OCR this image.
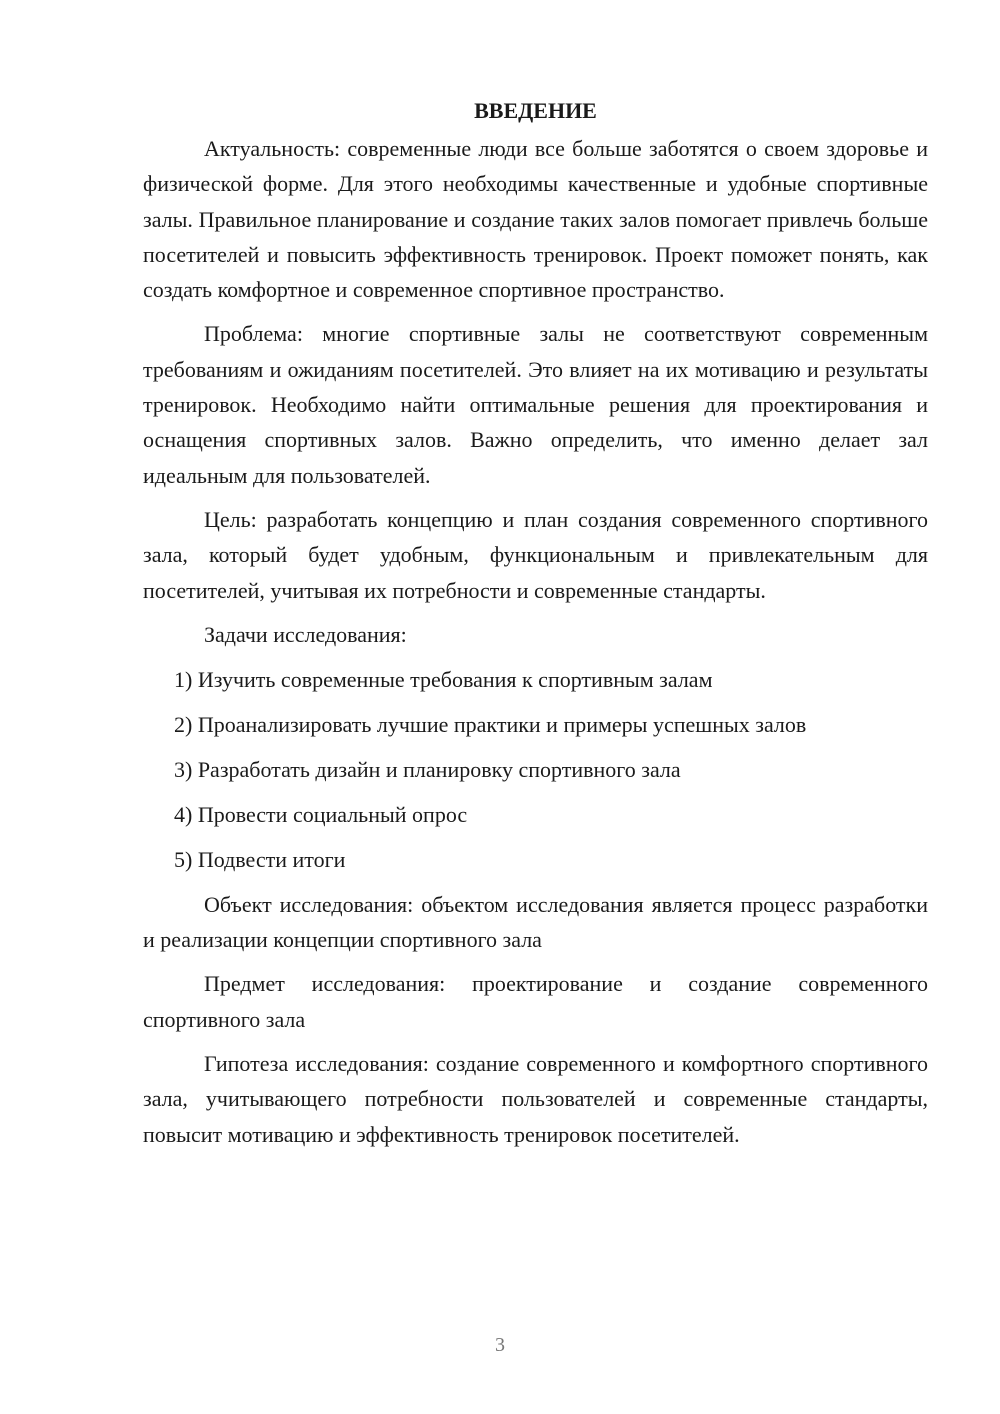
ВВЕДЕНИЕ

Актуальность: современные люди все больше заботятся о своем здоровье и физической форме. Для этого необходимы качественные и удобные спортивные залы. Правильное планирование и создание таких залов помогает привлечь больше посетителей и повысить эффективность тренировок. Проект поможет понять, как создать комфортное и современное спортивное пространство.

Проблема: многие спортивные залы не соответствуют современным требованиям и ожиданиям посетителей. Это влияет на их мотивацию и результаты тренировок. Необходимо найти оптимальные решения для проектирования и оснащения спортивных залов. Важно определить, что именно делает зал идеальным для пользователей.

Цель: разработать концепцию и план создания современного спортивного зала, который будет удобным, функциональным и привлекательным для посетителей, учитывая их потребности и современные стандарты.

Задачи исследования:

1) Изучить современные требования к спортивным залам
2) Проанализировать лучшие практики и примеры успешных залов
3) Разработать дизайн и планировку спортивного зала
4) Провести социальный опрос
5) Подвести итоги

Объект исследования: объектом исследования является процесс разработки и реализации концепции спортивного зала

Предмет исследования: проектирование и создание современного спортивного зала

Гипотеза исследования: создание современного и комфортного спортивного зала, учитывающего потребности пользователей и современные стандарты, повысит мотивацию и эффективность тренировок посетителей.

3
